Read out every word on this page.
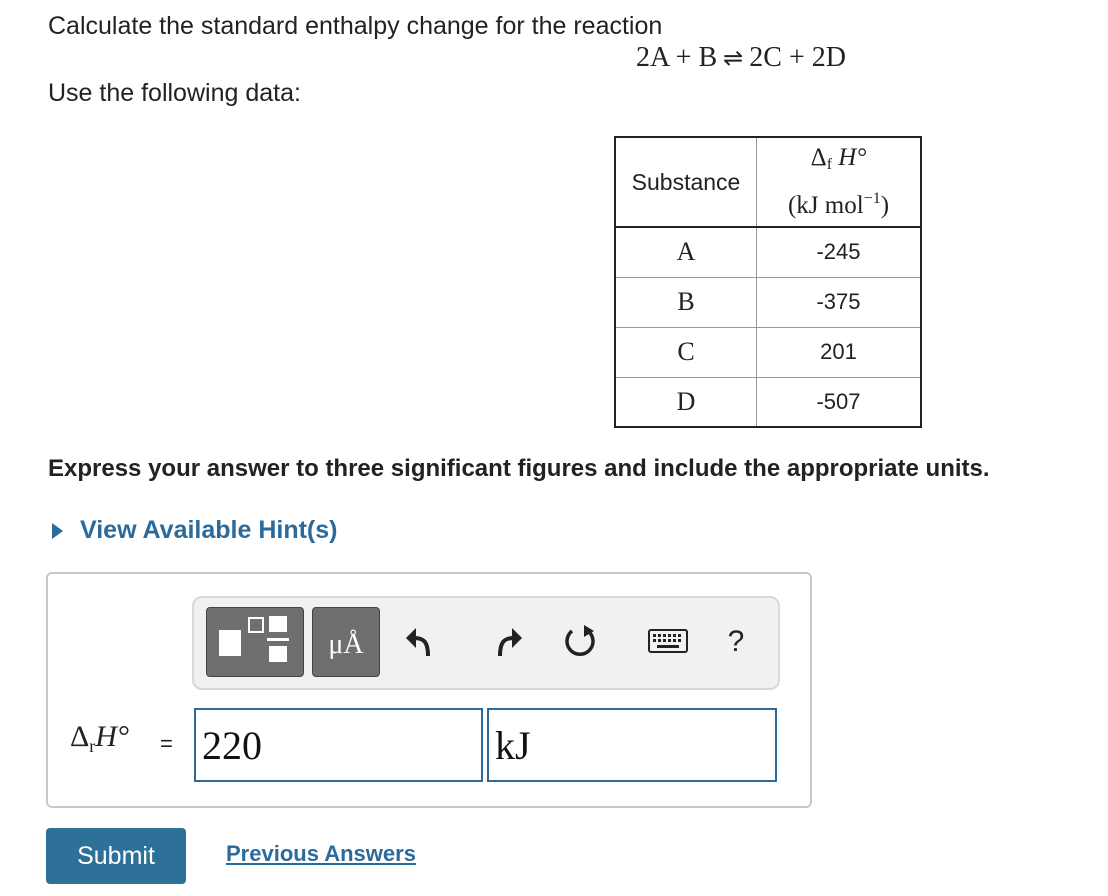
Calculate the standard enthalpy change for the reaction
2A + B ⇌ 2C + 2D
Use the following data:
Substance	$\Delta_f$ H°
(kJ mol$^{-1}$)

A	-245
B	-375
C	201
D	-507
Express your answer to three significant figures and include the appropriate units.
View Available Hint(s)
μÅ	?
$\Delta_rH^\circ = 220$	kJ
Submit	Previous Answers
